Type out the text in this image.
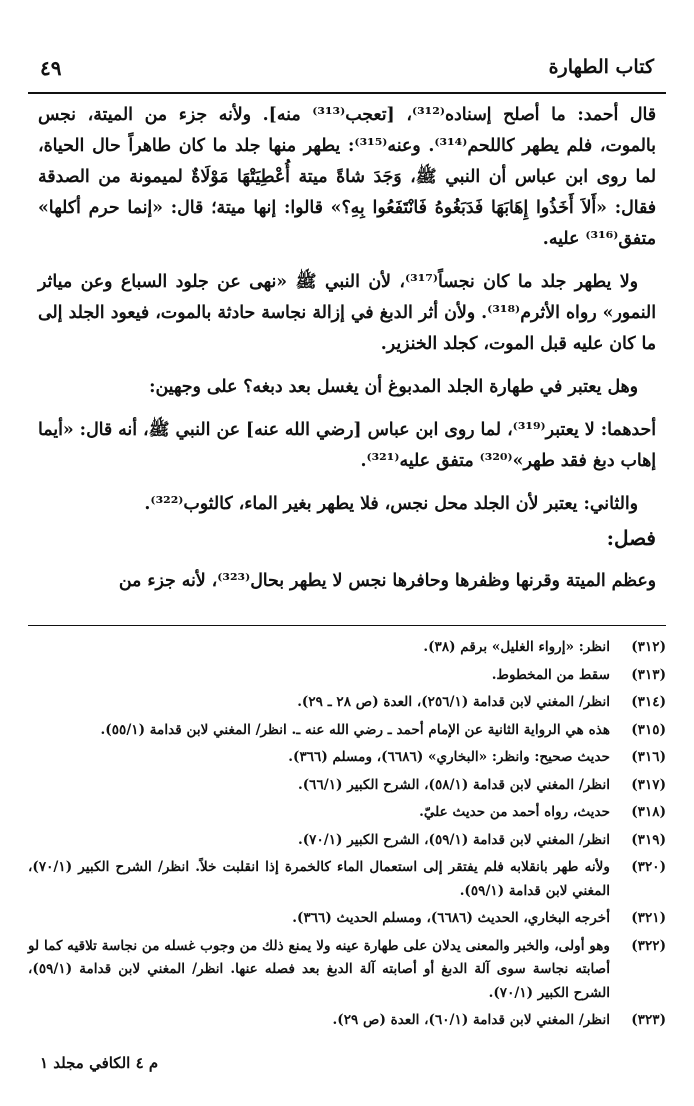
كتاب الطهارة
٤٩

قال أحمد: ما أصلح إسناده⁽³¹²⁾، [تعجب⁽³¹³⁾ منه]. ولأنه جزء من الميتة، نجس بالموت، فلم يطهر كاللحم⁽³¹⁴⁾. وعنه⁽³¹⁵⁾: يطهر منها جلد ما كان طاهراً حال الحياة، لما روى ابن عباس أن النبي ﷺ، وَجَدَ شاةً ميتة أُعْطِيَتْهَا مَوْلَاةٌ لميمونة من الصدقة فقال: «أَلاَ أَخَذُوا إِهَابَهَا فَدَبَغُوهُ فَانْتَفَعُوا بِهِ؟» قالوا: إنها ميتة؛ قال: «إنما حرم أكلها» متفق⁽³¹⁶⁾ عليه.

ولا يطهر جلد ما كان نجساً⁽³¹⁷⁾، لأن النبي ﷺ «نهى عن جلود السباع وعن مياثر النمور» رواه الأثرم⁽³¹⁸⁾. ولأن أثر الدبغ في إزالة نجاسة حادثة بالموت، فيعود الجلد إلى ما كان عليه قبل الموت، كجلد الخنزير.

وهل يعتبر في طهارة الجلد المدبوغ أن يغسل بعد دبغه؟ على وجهين:

أحدهما: لا يعتبر⁽³¹⁹⁾، لما روى ابن عباس [رضي الله عنه] عن النبي ﷺ، أنه قال: «أيما إهاب دبغ فقد طهر»⁽³²⁰⁾ متفق عليه⁽³²¹⁾.

والثاني: يعتبر لأن الجلد محل نجس، فلا يطهر بغير الماء، كالثوب⁽³²²⁾.

فصل:
وعظم الميتة وقرنها وظفرها وحافرها نجس لا يطهر بحال⁽³²³⁾، لأنه جزء من
(٣١٢)
انظر: «إرواء الغليل» برقم (٣٨).
(٣١٣)
سقط من المخطوط.
(٣١٤)
انظر/ المغني لابن قدامة (٢٥٦/١)، العدة (ص ٢٨ ـ ٢٩).
(٣١٥)
هذه هي الرواية الثانية عن الإمام أحمد ـ رضي الله عنه ـ. انظر/ المغني لابن قدامة (٥٥/١).
(٣١٦)
حديث صحيح: وانظر: «البخاري» (٦٦٨٦)، ومسلم (٣٦٦).
(٣١٧)
انظر/ المغني لابن قدامة (٥٨/١)، الشرح الكبير (٦٦/١).
(٣١٨)
حديث، رواه أحمد من حديث عليّ.
(٣١٩)
انظر/ المغني لابن قدامة (٥٩/١)، الشرح الكبير (٧٠/١).
(٣٢٠)
ولأنه طهر بانقلابه فلم يفتقر إلى استعمال الماء كالخمرة إذا انقلبت خلاً. انظر/ الشرح الكبير (٧٠/١)، المغني لابن قدامة (٥٩/١).
(٣٢١)
أخرجه البخاري، الحديث (٦٦٨٦)، ومسلم الحديث (٣٦٦).
(٣٢٢)
وهو أولى، والخبر والمعنى يدلان على طهارة عينه ولا يمنع ذلك من وجوب غسله من نجاسة تلاقيه كما لو أصابته نجاسة سوى آلة الدبغ أو أصابته آلة الدبغ بعد فصله عنها. انظر/ المغني لابن قدامة (٥٩/١)، الشرح الكبير (٧٠/١).
(٣٢٣)
انظر/ المغني لابن قدامة (٦٠/١)، العدة (ص ٢٩).
م ٤ الكافي مجلد ١
